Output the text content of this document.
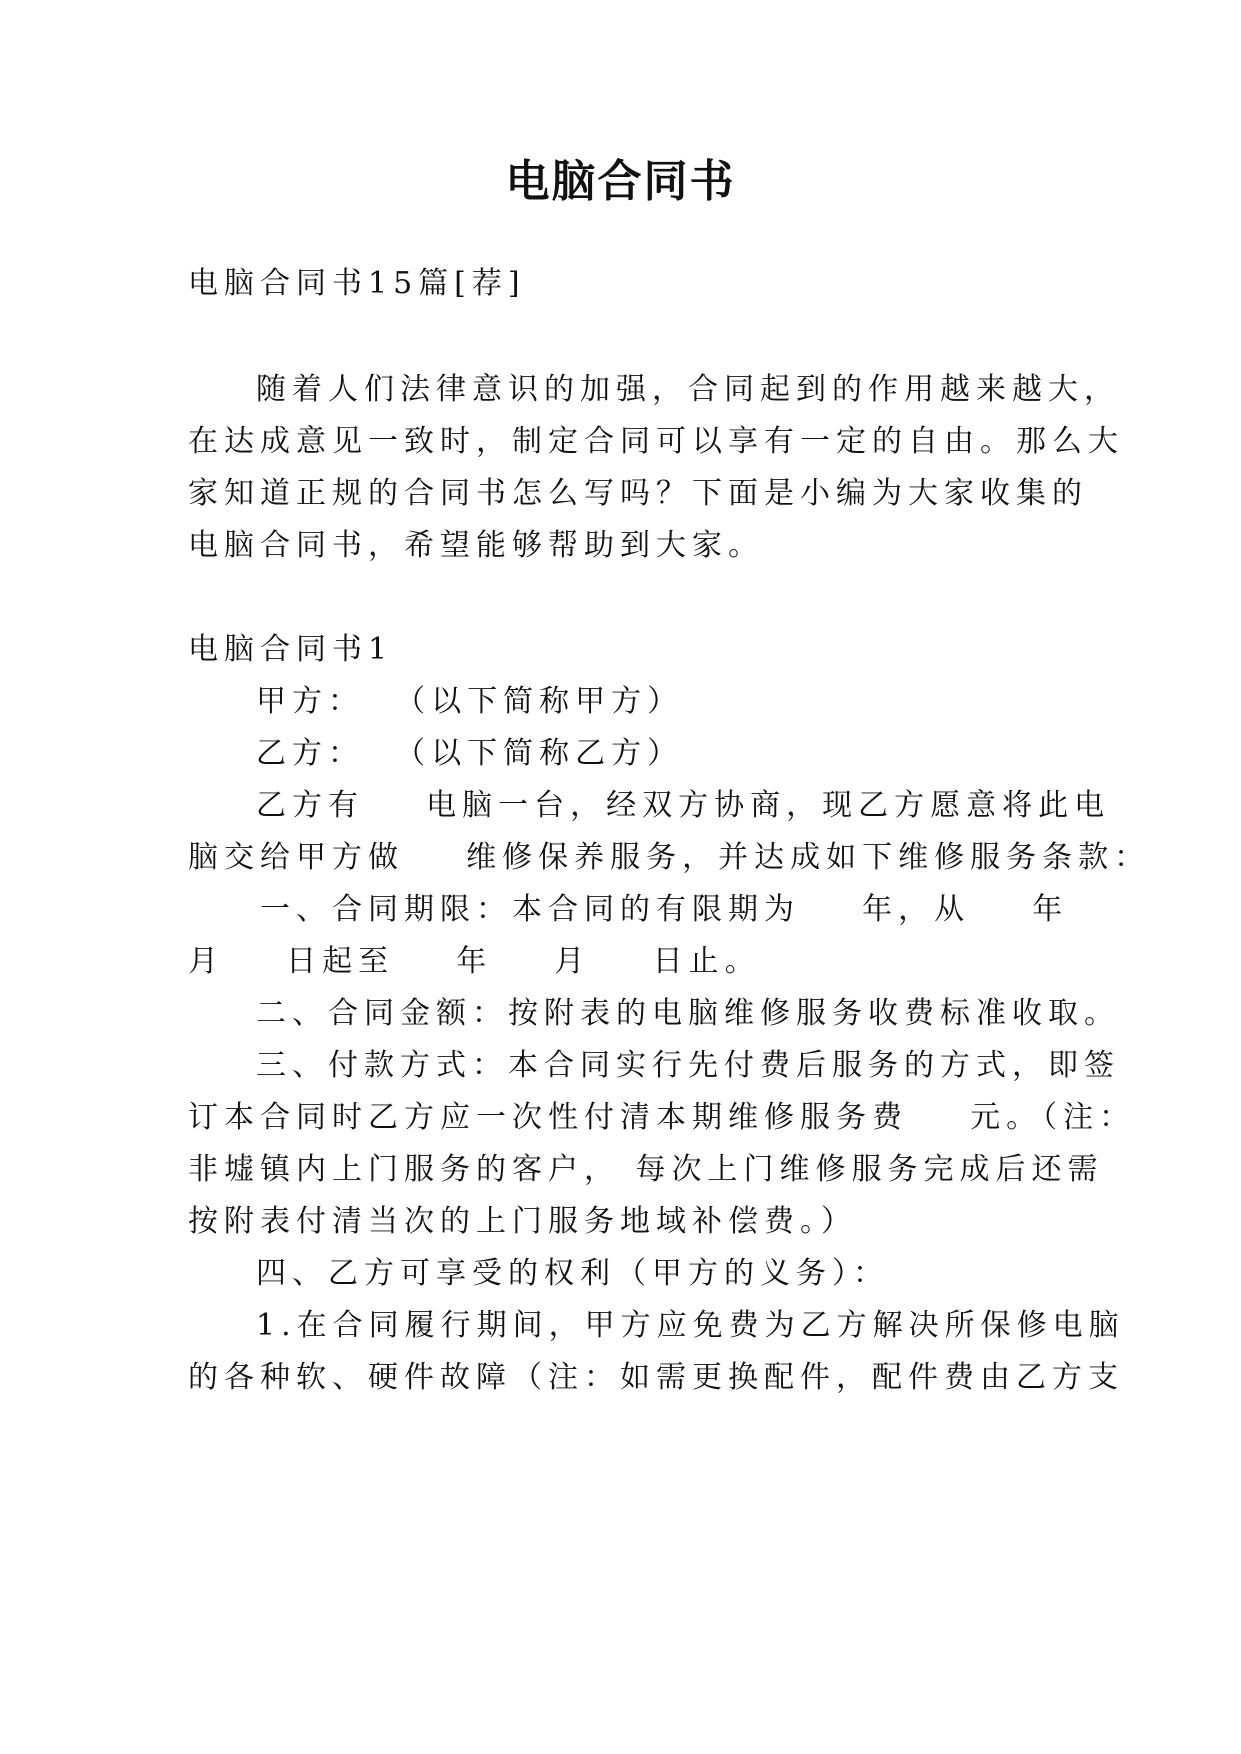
电脑合同书
电脑合同书15篇[荐]
随着人们法律意识的加强，合同起到的作用越来越大，
在达成意见一致时，制定合同可以享有一定的自由。那么大
家知道正规的合同书怎么写吗？下面是小编为大家收集的
电脑合同书，希望能够帮助到大家。
电脑合同书1
甲方：  （以下简称甲方）
乙方：  （以下简称乙方）
乙方有    电脑一台，经双方协商，现乙方愿意将此电
脑交给甲方做    维修保养服务，并达成如下维修服务条款：
一、合同期限：本合同的有限期为    年，从    年
月    日起至    年    月    日止。
二、合同金额：按附表的电脑维修服务收费标准收取。
三、付款方式：本合同实行先付费后服务的方式，即签
订本合同时乙方应一次性付清本期维修服务费    元。（注：
非墟镇内上门服务的客户， 每次上门维修服务完成后还需
按附表付清当次的上门服务地域补偿费。）
四、乙方可享受的权利（甲方的义务）：
1.在合同履行期间，甲方应免费为乙方解决所保修电脑
的各种软、硬件故障（注：如需更换配件，配件费由乙方支
